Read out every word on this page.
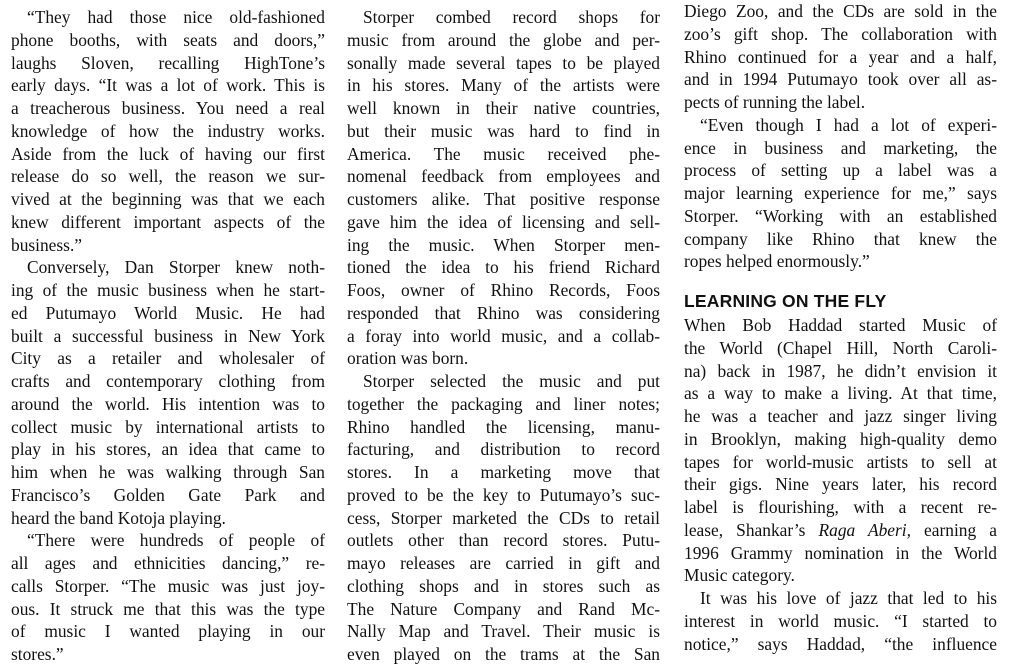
“They had those nice old-fashioned
phone booths, with seats and doors,”
laughs Sloven, recalling HighTone’s
early days. “It was a lot of work. This is
a treacherous business. You need a real
knowledge of how the industry works.
Aside from the luck of having our first
release do so well, the reason we sur-
vived at the beginning was that we each
knew different important aspects of the
business.”
Conversely, Dan Storper knew noth-
ing of the music business when he start-
ed Putumayo World Music. He had
built a successful business in New York
City as a retailer and wholesaler of
crafts and contemporary clothing from
around the world. His intention was to
collect music by international artists to
play in his stores, an idea that came to
him when he was walking through San
Francisco’s Golden Gate Park and
heard the band Kotoja playing.
“There were hundreds of people of
all ages and ethnicities dancing,” re-
calls Storper. “The music was just joy-
ous. It struck me that this was the type
of music I wanted playing in our
stores.”
Storper combed record shops for
music from around the globe and per-
sonally made several tapes to be played
in his stores. Many of the artists were
well known in their native countries,
but their music was hard to find in
America. The music received phe-
nomenal feedback from employees and
customers alike. That positive response
gave him the idea of licensing and sell-
ing the music. When Storper men-
tioned the idea to his friend Richard
Foos, owner of Rhino Records, Foos
responded that Rhino was considering
a foray into world music, and a collab-
oration was born.
Storper selected the music and put
together the packaging and liner notes;
Rhino handled the licensing, manu-
facturing, and distribution to record
stores. In a marketing move that
proved to be the key to Putumayo’s suc-
cess, Storper marketed the CDs to retail
outlets other than record stores. Putu-
mayo releases are carried in gift and
clothing shops and in stores such as
The Nature Company and Rand Mc-
Nally Map and Travel. Their music is
even played on the trams at the San
Diego Zoo, and the CDs are sold in the
zoo’s gift shop. The collaboration with
Rhino continued for a year and a half,
and in 1994 Putumayo took over all as-
pects of running the label.
“Even though I had a lot of experi-
ence in business and marketing, the
process of setting up a label was a
major learning experience for me,” says
Storper. “Working with an established
company like Rhino that knew the
ropes helped enormously.”
LEARNING ON THE FLY
When Bob Haddad started Music of
the World (Chapel Hill, North Caroli-
na) back in 1987, he didn’t envision it
as a way to make a living. At that time,
he was a teacher and jazz singer living
in Brooklyn, making high-quality demo
tapes for world-music artists to sell at
their gigs. Nine years later, his record
label is flourishing, with a recent re-
lease, Shankar’s Raga Aberi, earning a
1996 Grammy nomination in the World
Music category.
It was his love of jazz that led to his
interest in world music. “I started to
notice,” says Haddad, “the influence
